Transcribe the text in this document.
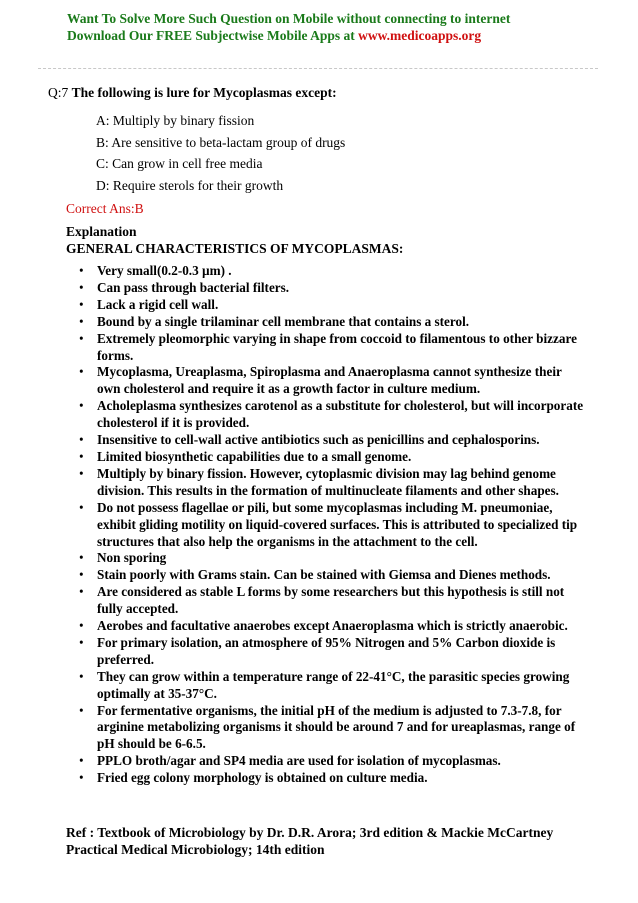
Want To Solve More Such Question on Mobile without connecting to internet
Download Our FREE Subjectwise Mobile Apps at www.medicoapps.org
Q:7 The following is lure for Mycoplasmas except:
A: Multiply by binary fission
B: Are sensitive to beta-lactam group of drugs
C: Can grow in cell free media
D: Require sterols for their growth
Correct Ans:B
Explanation
GENERAL CHARACTERISTICS OF MYCOPLASMAS:
• Very small(0.2-0.3 µm) .
• Can pass through bacterial filters.
• Lack a rigid cell wall.
• Bound by a single trilaminar cell membrane that contains a sterol.
• Extremely pleomorphic varying in shape from coccoid to filamentous to other bizzare forms.
• Mycoplasma, Ureaplasma, Spiroplasma and Anaeroplasma cannot synthesize their own cholesterol and require it as a growth factor in culture medium.
• Acholeplasma synthesizes carotenol as a substitute for cholesterol, but will incorporate cholesterol if it is provided.
• Insensitive to cell-wall active antibiotics such as penicillins and cephalosporins.
• Limited biosynthetic capabilities due to a small genome.
• Multiply by binary fission. However, cytoplasmic division may lag behind genome division. This results in the formation of multinucleate filaments and other shapes.
• Do not possess flagellae or pili, but some mycoplasmas including M. pneumoniae, exhibit gliding motility on liquid-covered surfaces. This is attributed to specialized tip structures that also help the organisms in the attachment to the cell.
• Non sporing
• Stain poorly with Grams stain. Can be stained with Giemsa and Dienes methods.
• Are considered as stable L forms by some researchers but this hypothesis is still not fully accepted.
• Aerobes and facultative anaerobes except Anaeroplasma which is strictly anaerobic.
• For primary isolation, an atmosphere of 95% Nitrogen and 5% Carbon dioxide is preferred.
• They can grow within a temperature range of 22-41°C, the parasitic species growing optimally at 35-37°C.
• For fermentative organisms, the initial pH of the medium is adjusted to 7.3-7.8, for arginine metabolizing organisms it should be around 7 and for ureaplasmas, range of pH should be 6-6.5.
• PPLO broth/agar and SP4 media are used for isolation of mycoplasmas.
• Fried egg colony morphology is obtained on culture media.
Ref : Textbook of Microbiology by Dr. D.R. Arora; 3rd edition & Mackie McCartney Practical Medical Microbiology; 14th edition
